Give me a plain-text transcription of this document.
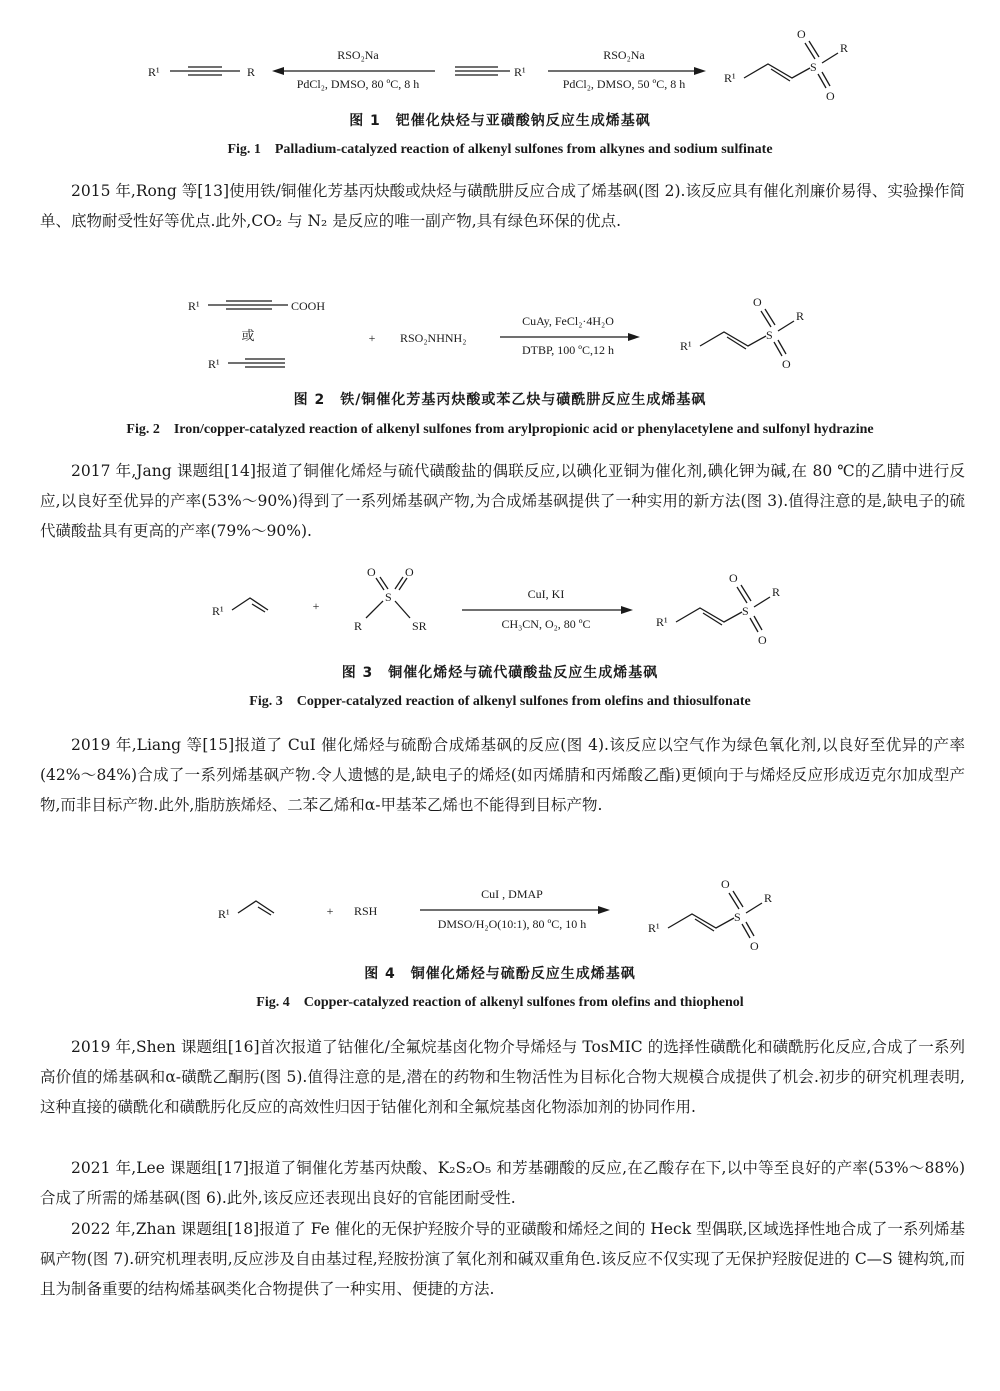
R¹	R
RSO₂Na
PdCl₂, DMSO, 80 ºC, 8 h
R¹
RSO₂Na
PdCl₂, DMSO, 50 ºC, 8 h	R¹
S
O
O
R
图 1　钯催化炔烃与亚磺酸钠反应生成烯基砜
Fig. 1　Palladium-catalyzed reaction of alkenyl sulfones from alkynes and sodium sulfinate
2015 年,Rong 等[13]使用铁/铜催化芳基丙炔酸或炔烃与磺酰肼反应合成了烯基砜(图 2).该反应具有催化剂廉价易得、实验操作简单、底物耐受性好等优点.此外,CO₂ 与 N₂ 是反应的唯一副产物,具有绿色环保的优点.
R¹	COOH
或
R¹
+ RSO₂NHNH₂
CuAy, FeCl₂·4H₂O
DTBP, 100 ºC,12 h	R¹
S
O
O
R
图 2　铁/铜催化芳基丙炔酸或苯乙炔与磺酰肼反应生成烯基砜
Fig. 2　Iron/copper-catalyzed reaction of alkenyl sulfones from arylpropionic acid or phenylacetylene and sulfonyl hydrazine
2017 年,Jang 课题组[14]报道了铜催化烯烃与硫代磺酸盐的偶联反应,以碘化亚铜为催化剂,碘化钾为碱,在 80 ℃的乙腈中进行反应,以良好至优异的产率(53%～90%)得到了一系列烯基砜产物,为合成烯基砜提供了一种实用的新方法(图 3).值得注意的是,缺电子的硫代磺酸盐具有更高的产率(79%～90%).
R¹	+
S
O O
R	SR
CuI, KI
CH₃CN, O₂, 80 ºC	R¹
S
O
O
R
图 3　铜催化烯烃与硫代磺酸盐反应生成烯基砜
Fig. 3　Copper-catalyzed reaction of alkenyl sulfones from olefins and thiosulfonate
2019 年,Liang 等[15]报道了 CuI 催化烯烃与硫酚合成烯基砜的反应(图 4).该反应以空气作为绿色氧化剂,以良好至优异的产率(42%～84%)合成了一系列烯基砜产物.令人遗憾的是,缺电子的烯烃(如丙烯腈和丙烯酸乙酯)更倾向于与烯烃反应形成迈克尔加成型产物,而非目标产物.此外,脂肪族烯烃、二苯乙烯和α-甲基苯乙烯也不能得到目标产物.
R¹	+ RSH
CuI , DMAP
DMSO/H₂O(10:1), 80 ºC, 10 h	R¹
S
O
O
R
图 4　铜催化烯烃与硫酚反应生成烯基砜
Fig. 4　Copper-catalyzed reaction of alkenyl sulfones from olefins and thiophenol
2019 年,Shen 课题组[16]首次报道了钴催化/全氟烷基卤化物介导烯烃与 TosMIC 的选择性磺酰化和磺酰肟化反应,合成了一系列高价值的烯基砜和α-磺酰乙酮肟(图 5).值得注意的是,潜在的药物和生物活性为目标化合物大规模合成提供了机会.初步的研究机理表明,这种直接的磺酰化和磺酰肟化反应的高效性归因于钴催化剂和全氟烷基卤化物添加剂的协同作用.
2021 年,Lee 课题组[17]报道了铜催化芳基丙炔酸、K₂S₂O₅ 和芳基硼酸的反应,在乙酸存在下,以中等至良好的产率(53%～88%)合成了所需的烯基砜(图 6).此外,该反应还表现出良好的官能团耐受性.
2022 年,Zhan 课题组[18]报道了 Fe 催化的无保护羟胺介导的亚磺酸和烯烃之间的 Heck 型偶联,区域选择性地合成了一系列烯基砜产物(图 7).研究机理表明,反应涉及自由基过程,羟胺扮演了氧化剂和碱双重角色.该反应不仅实现了无保护羟胺促进的 C—S 键构筑,而且为制备重要的结构烯基砜类化合物提供了一种实用、便捷的方法.
